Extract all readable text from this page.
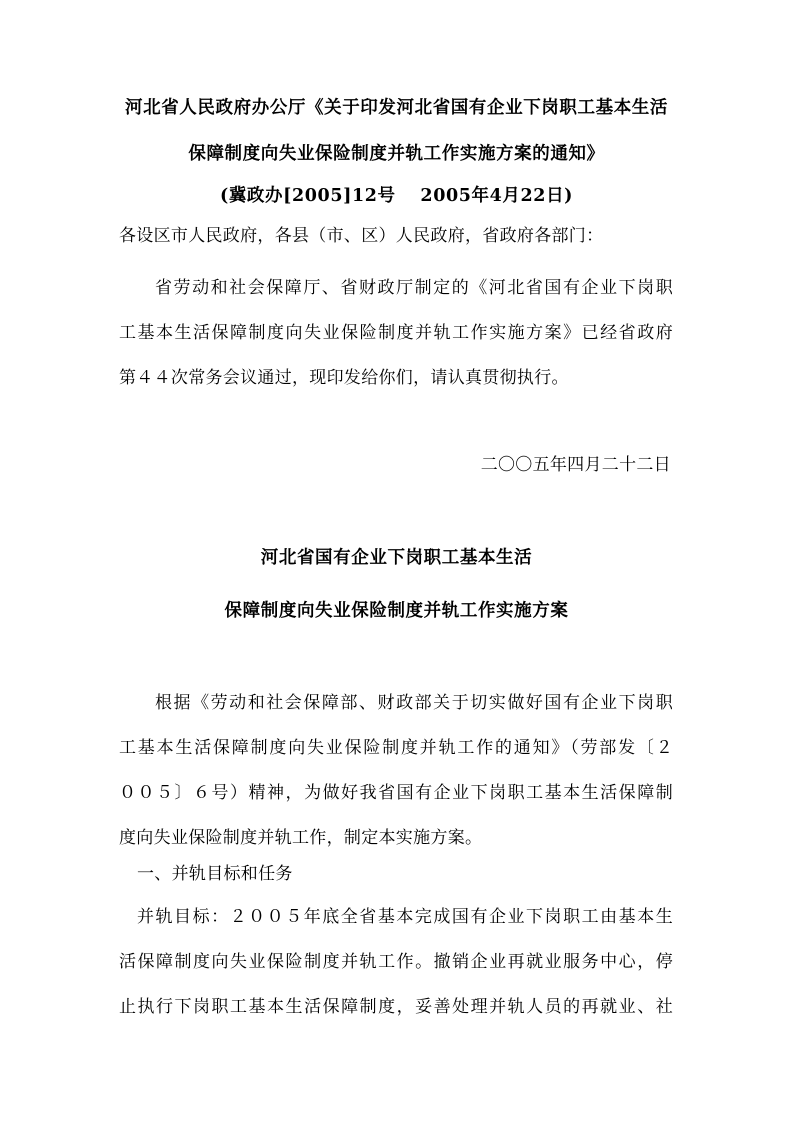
河北省人民政府办公厅《关于印发河北省国有企业下岗职工基本生活
保障制度向失业保险制度并轨工作实施方案的通知》
(冀政办[2005]12号　 2005年4月22日)
各设区市人民政府，各县（市、区）人民政府，省政府各部门：
省劳动和社会保障厅、省财政厅制定的《河北省国有企业下岗职
工基本生活保障制度向失业保险制度并轨工作实施方案》已经省政府
第４４次常务会议通过，现印发给你们，请认真贯彻执行。
二〇〇五年四月二十二日
河北省国有企业下岗职工基本生活
保障制度向失业保险制度并轨工作实施方案
根据《劳动和社会保障部、财政部关于切实做好国有企业下岗职
工基本生活保障制度向失业保险制度并轨工作的通知》（劳部发〔２
００５〕６号）精神，为做好我省国有企业下岗职工基本生活保障制
度向失业保险制度并轨工作，制定本实施方案。
一、并轨目标和任务
并轨目标：２００５年底全省基本完成国有企业下岗职工由基本生
活保障制度向失业保险制度并轨工作。撤销企业再就业服务中心，停
止执行下岗职工基本生活保障制度，妥善处理并轨人员的再就业、社
